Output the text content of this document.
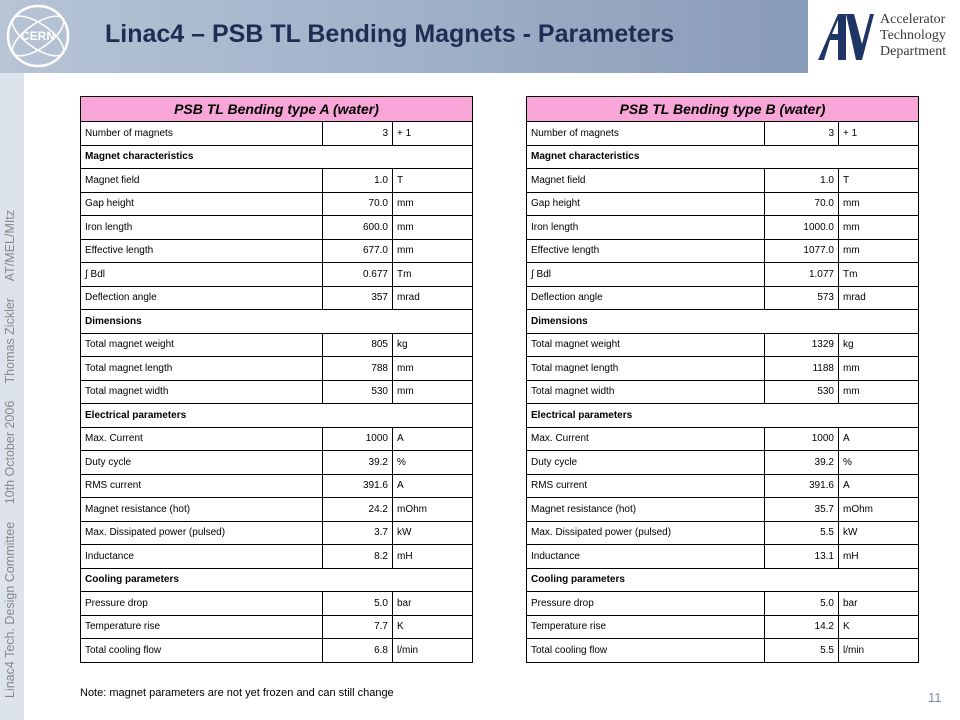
CERN Linac4 – PSB TL Bending Magnets - Parameters
Accelerator
Technology
Department
Linac4 Tech. Design Committee 10th October 2006 Thomas Zickler AT/MEL/MItz
PSB TL Bending type A (water)		
Number of magnets	3	+ 1
Magnet characteristics		
Magnet field	1.0	T
Gap height	70.0	mm
Iron length	600.0	mm
Effective length	677.0	mm
∫ Bdl	0.677	Tm
Deflection angle	357	mrad
Dimensions		
Total magnet weight	805	kg
Total magnet length	788	mm
Total magnet width	530	mm
Electrical parameters		
Max. Current	1000	A
Duty cycle	39.2	%
RMS current	391.6	A
Magnet resistance (hot)	24.2	mOhm
Max. Dissipated power (pulsed)	3.7	kW
Inductance	8.2	mH
Cooling parameters		
Pressure drop	5.0	bar
Temperature rise	7.7	K
Total cooling flow	6.8	l/min
PSB TL Bending type B (water)		
Number of magnets	3	+ 1
Magnet characteristics		
Magnet field	1.0	T
Gap height	70.0	mm
Iron length	1000.0	mm
Effective length	1077.0	mm
∫ Bdl	1.077	Tm
Deflection angle	573	mrad
Dimensions		
Total magnet weight	1329	kg
Total magnet length	1188	mm
Total magnet width	530	mm
Electrical parameters		
Max. Current	1000	A
Duty cycle	39.2	%
RMS current	391.6	A
Magnet resistance (hot)	35.7	mOhm
Max. Dissipated power (pulsed)	5.5	kW
Inductance	13.1	mH
Cooling parameters		
Pressure drop	5.0	bar
Temperature rise	14.2	K
Total cooling flow	5.5	l/min
Note: magnet parameters are not yet frozen and can still change	11
